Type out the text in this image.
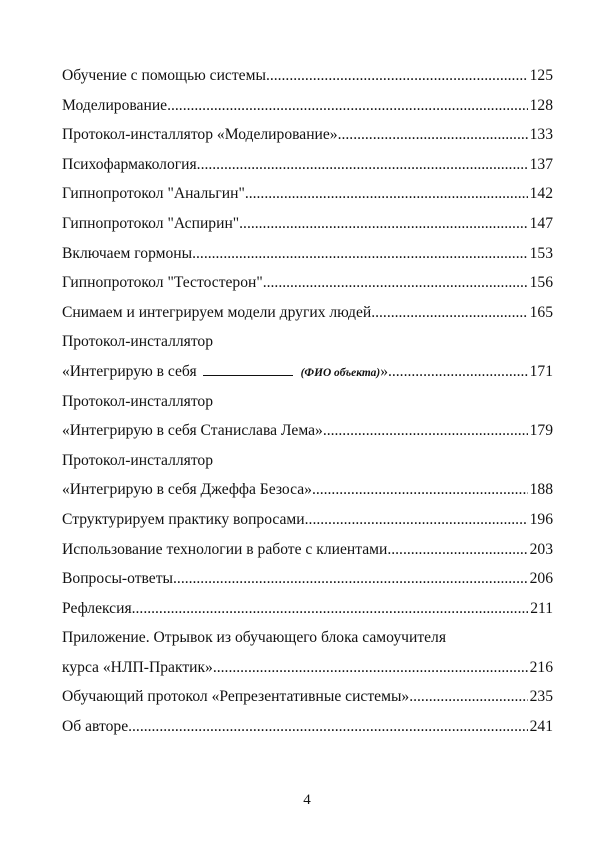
Обучение с помощью системы .....	125
Моделирование .....	128
Протокол-инсталлятор «Моделирование» .....	133
Психофармакология .....	137
Гипнопротокол "Анальгин" .....	142
Гипнопротокол "Аспирин" .....	147
Включаем гормоны .....	153
Гипнопротокол "Тестостерон" .....	156
Снимаем и интегрируем модели других людей .....	165
Протокол-инсталлятор
«Интегрирую в себя	(ФИО объекта)» .....	171
Протокол-инсталлятор
«Интегрирую в себя Станислава Лема» .....	179
Протокол-инсталлятор
«Интегрирую в себя Джеффа Безоса» .....	188
Структурируем практику вопросами .....	196
Использование технологии в работе с клиентами .....	203
Вопросы-ответы .....	206
Рефлексия .....	211
Приложение. Отрывок из обучающего блока самоучителя
курса «НЛП-Практик» .....	216
Обучающий протокол «Репрезентативные системы» .....	235
Об авторе .....	241
4
